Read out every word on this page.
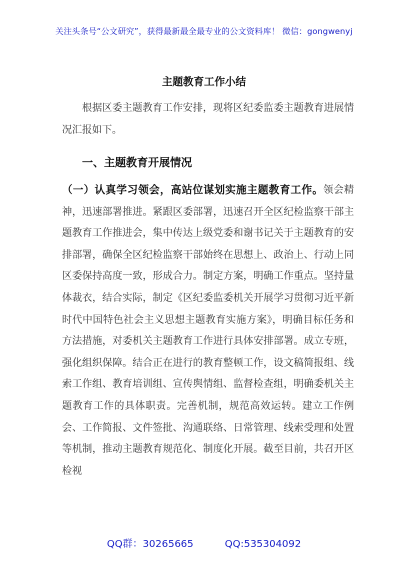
关注头条号“公文研究”，获得最新最全最专业的公文资料库！ 微信：gongwenyj
主题教育工作小结
根据区委主题教育工作安排，现将区纪委监委主题教育进展情况汇报如下。
一、主题教育开展情况
（一）认真学习领会，高站位谋划实施主题教育工作。领会精神，迅速部署推进。紧跟区委部署，迅速召开全区纪检监察干部主题教育工作推进会，集中传达上级党委和谢书记关于主题教育的安排部署，确保全区纪检监察干部始终在思想上、政治上、行动上同区委保持高度一致，形成合力。制定方案，明确工作重点。坚持量体裁衣，结合实际，制定《区纪委监委机关开展学习贯彻习近平新时代中国特色社会主义思想主题教育实施方案》，明确目标任务和方法措施，对委机关主题教育工作进行具体安排部署。成立专班，强化组织保障。结合正在进行的教育整顿工作，设文稿简报组、线索工作组、教育培训组、宣传舆情组、监督检查组，明确委机关主题教育工作的具体职责。完善机制，规范高效运转。建立工作例会、工作简报、文件签批、沟通联络、日常管理、线索受理和处置等机制，推动主题教育规范化、制度化开展。截至目前，共召开区检视
QQ群：30265665	QQ:535304092
